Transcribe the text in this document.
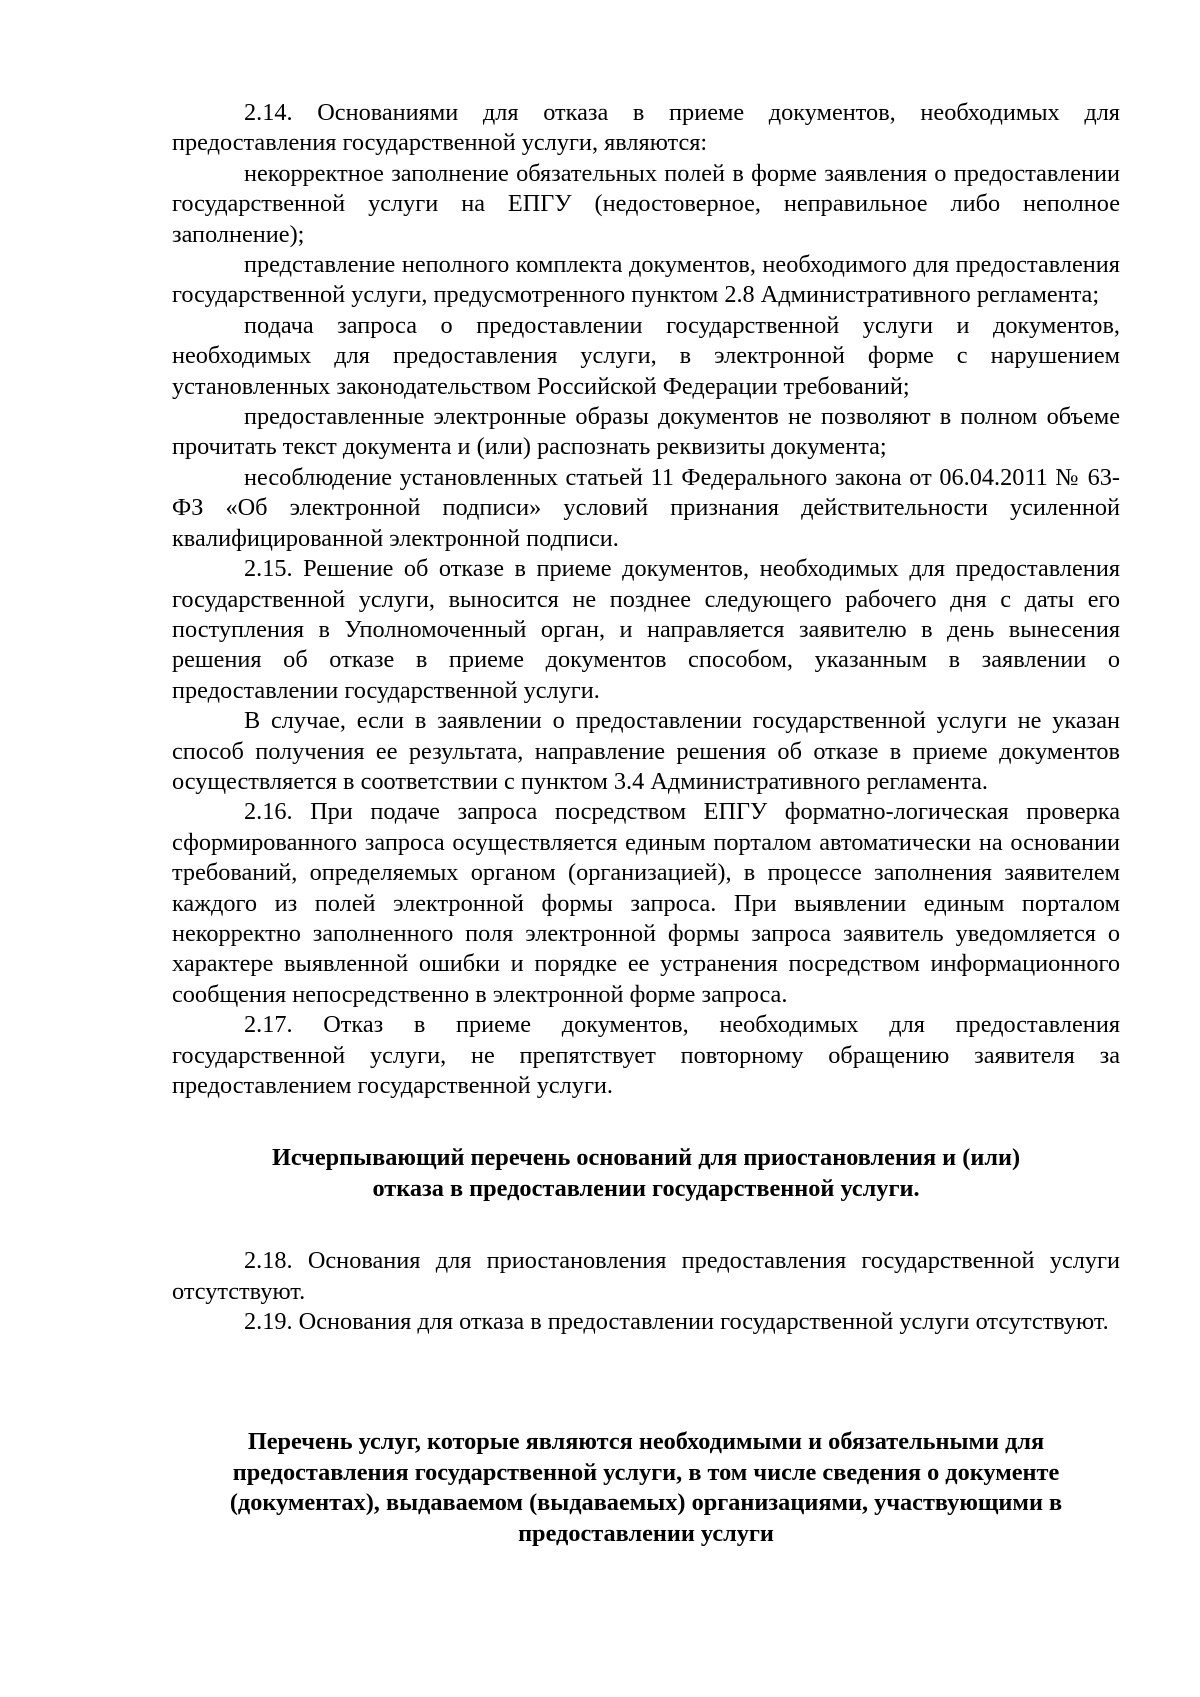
2.14. Основаниями для отказа в приеме документов, необходимых для предоставления государственной услуги, являются:

некорректное заполнение обязательных полей в форме заявления о предоставлении государственной услуги на ЕПГУ (недостоверное, неправильное либо неполное заполнение);

представление неполного комплекта документов, необходимого для предоставления государственной услуги, предусмотренного пунктом 2.8 Административного регламента;

подача запроса о предоставлении государственной услуги и документов, необходимых для предоставления услуги, в электронной форме с нарушением установленных законодательством Российской Федерации требований;

предоставленные электронные образы документов не позволяют в полном объеме прочитать текст документа и (или) распознать реквизиты документа;

несоблюдение установленных статьей 11 Федерального закона от 06.04.2011 № 63-ФЗ «Об электронной подписи» условий признания действительности усиленной квалифицированной электронной подписи.

2.15. Решение об отказе в приеме документов, необходимых для предоставления государственной услуги, выносится не позднее следующего рабочего дня с даты его поступления в Уполномоченный орган, и направляется заявителю в день вынесения решения об отказе в приеме документов способом, указанным в заявлении о предоставлении государственной услуги.

В случае, если в заявлении о предоставлении государственной услуги не указан способ получения ее результата, направление решения об отказе в приеме документов осуществляется в соответствии с пунктом 3.4 Административного регламента.

2.16. При подаче запроса посредством ЕПГУ форматно-логическая проверка сформированного запроса осуществляется единым порталом автоматически на основании требований, определяемых органом (организацией), в процессе заполнения заявителем каждого из полей электронной формы запроса. При выявлении единым порталом некорректно заполненного поля электронной формы запроса заявитель уведомляется о характере выявленной ошибки и порядке ее устранения посредством информационного сообщения непосредственно в электронной форме запроса.

2.17. Отказ в приеме документов, необходимых для предоставления государственной услуги, не препятствует повторному обращению заявителя за предоставлением государственной услуги.

Исчерпывающий перечень оснований для приостановления и (или)
отказа в предоставлении государственной услуги.

2.18. Основания для приостановления предоставления государственной услуги отсутствуют.

2.19. Основания для отказа в предоставлении государственной услуги отсутствуют.

Перечень услуг, которые являются необходимыми и обязательными для
предоставления государственной услуги, в том числе сведения о документе
(документах), выдаваемом (выдаваемых) организациями, участвующими в
предоставлении услуги
